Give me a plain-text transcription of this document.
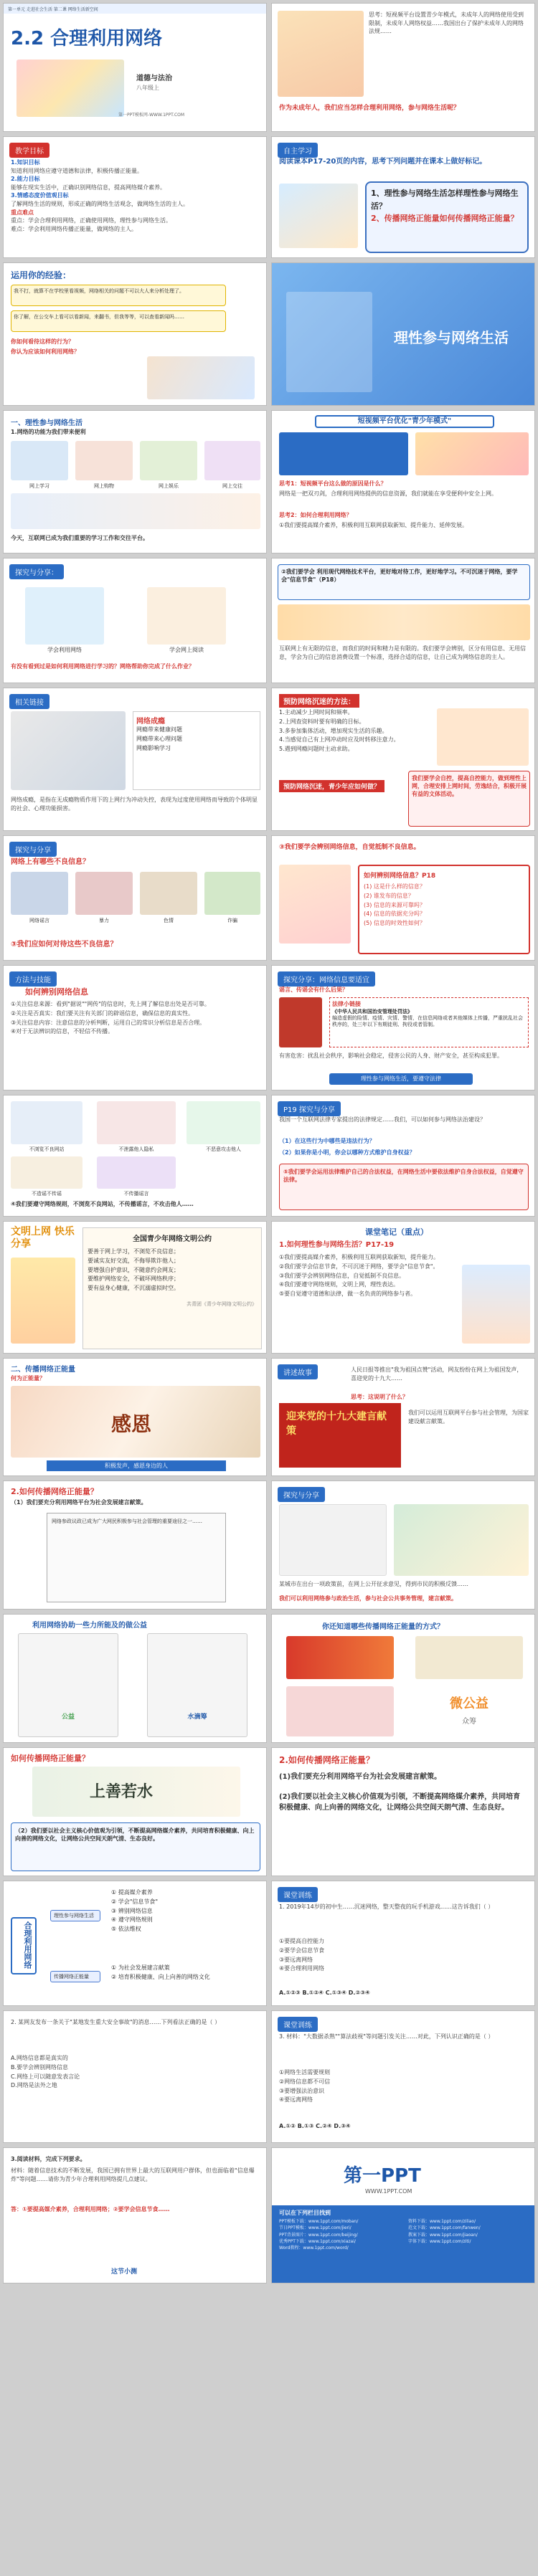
第一单元 走进社会生活 第二课 网络生活新空间
2.2 合理利用网络
道德与法治
八年级上
第一PPT模板网-WWW.1PPT.COM
思考：短视频平台设置青少年模式，未成年人的网络使用受到限制，未成年人网络权益……我国出台了保护未成年人的网络法规……
作为未成年人，我们应当怎样合理利用网络，参与网络生活呢？
教学目标
1.知识目标
知道利用网络应遵守道德和法律，积极传播正能量。
2.能力目标
能够在现实生活中，正确识别网络信息，提高网络媒介素养。
3.情感态度价值观目标
了解网络生活的规则，形成正确的网络生活观念，做网络生活的主人。
重点难点
重点：学会合理利用网络，正确使用网络，理性参与网络生活。
难点：学会利用网络传播正能量，做网络的主人。
自主学习
阅读课本P17-20页的内容，思考下列问题并在课本上做好标记。
1、理性参与网络生活怎样理性参与网络生活？
2、传播网络正能量如何传播网络正能量？
运用你的经验：
我不打，就算不在学校里看视频，网络相关的问题不可以大人来分析处理了。
你了解，在公交车上看可以看新闻，来翻书，但我等等，可以查看新闻吗……
你如何看待这样的行为？
你认为应该如何利用网络？
理性参与网络生活
一、理性参与网络生活
1.网络的功能为我们带来便利
网上学习	网上购物	网上娱乐	网上交往
今天，互联网已成为我们重要的学习工作和交往平台。
短视频平台优化"青少年模式"
思考1：短视频平台这么做的原因是什么？
网络是一把双刃剑，合理利用网络提供的信息资源，我们就能在享受便利中安全上网。
思考2：如何合理利用网络？
①我们要提高媒介素养，积极利用互联网获取新知、提升能力、延伸发展。
探究与分享：
学会利用网络	学会网上阅读
有没有看到过是如何利用网络进行学习的？网络帮助你完成了什么作业？
②我们要学会 利用现代网络技术平台，更好地对待工作，更好地学习。不可沉迷于网络，要学会"信息节食"（P18）
互联网上有无限的信息，而我们的时间和精力是有限的。我们要学会辨别，区分有用信息、无用信息，学会为自己的信息消费设置一个标准，选择合适的信息，让自己成为网络信息的主人。
相关链接
网络成瘾
网瘾带来健康问题
网瘾带来心理问题
网瘾影响学习
网络成瘾，是指在无成瘾物质作用下的上网行为冲动失控，表现为过度使用网络而导致的个体明显的社会、心理功能损害。
预防网络沉迷的方法：
1.主动减少上网时间和频率。
2.上网查资料时要有明确的目标。
3.多参加集体活动，增加现实生活的乐趣。
4.当感觉自己有上网冲动时应及时转移注意力。
5.遇到网瘾问题时主动求助。
预防网络沉迷，青少年应如何做？
我们要学会自控，提高自控能力，做到理性上网，合理安排上网时间，劳逸结合，积极开展有益的文体活动。
探究与分享
网络上有哪些不良信息？
网络谣言	暴力	色情	诈骗
③我们应如何对待这些不良信息？
③我们要学会辨别网络信息，自觉抵制不良信息。
如何辨别网络信息？P18
(1) 这是什么样的信息？
(2) 谁发布的信息？
(3) 信息的来源可靠吗？
(4) 信息的依据充分吗？
(5) 信息的时效性如何？
方法与技能
如何辨别网络信息
①关注信息来源：看到"据说""网传"的信息时，先上网了解信息出处是否可靠。
②关注是否真实：我们要关注有关部门的辟谣信息，确保信息的真实性。
③关注信息内容：注意信息的分析判断，运用自己的常识分析信息是否合理。
④对于无法辨识的信息，不轻信不传播。
探究分享：网络信息要适宜
谣言、传谣会有什么后果？
法律小链接
《中华人民共和国治安管理处罚法》
编造虚假的险情、疫情、灾情、警情，在信息网络或者其他媒体上传播，严重扰乱社会秩序的，处三年以下有期徒刑、拘役或者管制。
有害危害：扰乱社会秩序，影响社会稳定，侵害公民的人身、财产安全，甚至构成犯罪。
理性参与网络生活，要遵守法律
不浏览不良网站	不泄露他人隐私	不恶意攻击他人
不造谣不传谣	不传播谣言
④我们要遵守网络规则，不浏览不良网站，不传播谣言，不攻击他人……
P19 探究与分享
我国一个互联网法律专家提出的法律规定……我们，可以如何参与网络法治建设？
（1）在这些行为中哪些是违法行为？
（2）如果你是小明，你会以哪种方式维护自身权益？
⑤我们要学会运用法律维护自己的合法权益，在网络生活中要依法维护自身合法权益，自觉遵守法律。
文明上网 快乐分享	全国青少年网络文明公约
要善于网上学习，不浏览不良信息；
要诚实友好交流，不侮辱欺诈他人；
要增强自护意识，不随意约会网友；
要维护网络安全，不破坏网络秩序；
要有益身心健康，不沉溺虚拟时空。
共青团《青少年网络文明公约》
课堂笔记（重点）
1.如何理性参与网络生活？P17-19
①我们要提高媒介素养，积极利用互联网获取新知，提升能力。
②我们要学会信息节食，不可沉迷于网络，要学会"信息节食"。
③我们要学会辨别网络信息，自觉抵制不良信息。
④我们要遵守网络规则，文明上网，理性表达。
⑤要自觉遵守道德和法律，做一名负责的网络参与者。
二、传播网络正能量
何为正能量？
感恩
积极发声，感恩身边的人
讲述故事	人民日报等推出"我为祖国点赞"活动，网友纷纷在网上为祖国发声，喜迎党的十九大……
思考：这说明了什么？
迎来党的十九大建言献策
我们可以运用互联网平台参与社会管理，为国家建设献言献策。
2.如何传播网络正能量？
（1）我们要充分利用网络平台为社会发展建言献策。
网络参政议政已成为广大网民积极参与社会管理的重要途径之一……
探究与分享
某城市在出台一项政策前，在网上公开征求意见，得到市民的积极反馈……
我们可以利用网络参与政治生活，参与社会公共事务管理，建言献策。
利用网络协助一些力所能及的做公益
公益	水滴筹
你还知道哪些传播网络正能量的方式？
微公益
众筹
如何传播网络正能量？
上善若水
（2）我们要以社会主义核心价值观为引领，不断提高网络媒介素养，共同培育积极健康、向上向善的网络文化，让网络公共空间天朗气清、生态良好。
2.如何传播网络正能量？
(1)我们要充分利用网络平台为社会发展建言献策。
(2)我们要以社会主义核心价值观为引领，不断提高网络媒介素养，共同培育积极健康、向上向善的网络文化，让网络公共空间天朗气清、生态良好。
合理利用网络
理性参与网络生活
传播网络正能量
① 提高媒介素养
② 学会"信息节食"
③ 辨别网络信息
④ 遵守网络规则
⑤ 依法维权
① 为社会发展建言献策
② 培育积极健康、向上向善的网络文化
课堂训练
1. 2019年14岁的初中生……沉迷网络，整天整夜的玩手机游戏……这告诉我们（ ）
①要提高自控能力
②要学会信息节食
③要远离网络
④要合理利用网络
A.①②③ B.①②④ C.①③④ D.②③④
2. 某网友发布一条关于"某地发生重大安全事故"的消息……下列看法正确的是（ ）
A.网络信息都是真实的
B.要学会辨别网络信息
C.网络上可以随意发表言论
D.网络是法外之地
课堂训练
3. 材料："大数据杀熟""算法歧视"等问题引发关注……对此，下列认识正确的是（ ）
①网络生活需要规则
②网络信息都不可信
③要增强法治意识
④要远离网络
A.①② B.①③ C.②④ D.③④
3.阅读材料，完成下列要求。
材料：随着信息技术的不断发展，我国已拥有世界上最大的互联网用户群体，但也面临着"信息爆炸"等问题……请你为青少年合理利用网络提几点建议。
答：①要提高媒介素养，合理利用网络；②要学会信息节食……
这节小测
第一PPT
WWW.1PPT.COM
可以在下列栏目找到
PPT模板下载：www.1ppt.com/moban/
节日PPT模板：www.1ppt.com/jieri/
PPT背景图片：www.1ppt.com/beijing/
优秀PPT下载：www.1ppt.com/xiazai/
Word教程：www.1ppt.com/word/
资料下载：www.1ppt.com/ziliao/
范文下载：www.1ppt.com/fanwen/
教案下载：www.1ppt.com/jiaoan/
字体下载：www.1ppt.com/ziti/
